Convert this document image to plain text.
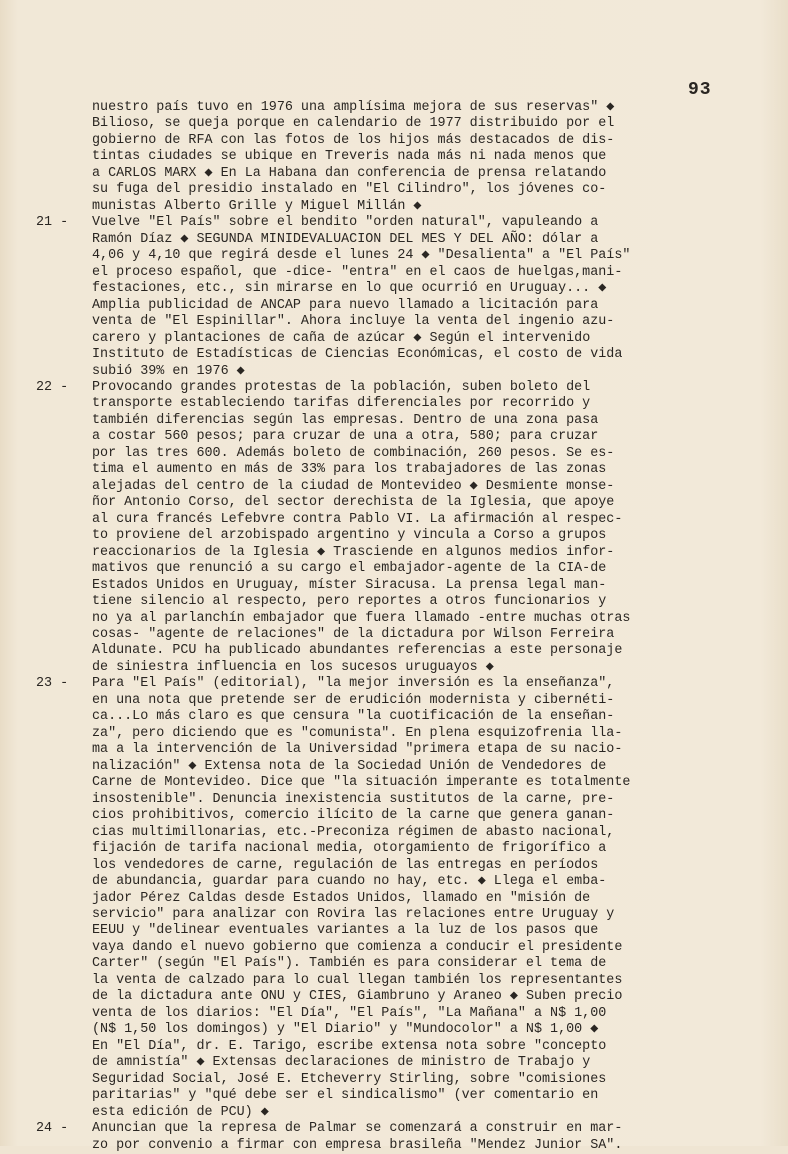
93
nuestro país tuvo en 1976 una amplísima mejora de sus reservas" ◆
Bilioso, se queja porque en calendario de 1977 distribuido por el
gobierno de RFA con las fotos de los hijos más destacados de dis-
tintas ciudades se ubique en Treveris nada más ni nada menos que
a CARLOS MARX ◆ En La Habana dan conferencia de prensa relatando
su fuga del presidio instalado en "El Cilindro", los jóvenes co-
munistas Alberto Grille y Miguel Millán ◆
21 - Vuelve "El País" sobre el bendito "orden natural", vapuleando a
Ramón Díaz ◆ SEGUNDA MINIDEVALUACION DEL MES Y DEL AÑO: dólar a
4,06 y 4,10 que regirá desde el lunes 24 ◆ "Desalienta" a "El País"
el proceso español, que -dice- "entra" en el caos de huelgas,mani-
festaciones, etc., sin mirarse en lo que ocurrió en Uruguay... ◆
Amplia publicidad de ANCAP para nuevo llamado a licitación para
venta de "El Espinillar". Ahora incluye la venta del ingenio azu-
carero y plantaciones de caña de azúcar ◆ Según el intervenido
Instituto de Estadísticas de Ciencias Económicas, el costo de vida
subió 39% en 1976 ◆
22 - Provocando grandes protestas de la población, suben boleto del
transporte estableciendo tarifas diferenciales por recorrido y
también diferencias según las empresas. Dentro de una zona pasa
a costar 560 pesos; para cruzar de una a otra, 580; para cruzar
por las tres 600. Además boleto de combinación, 260 pesos. Se es-
tima el aumento en más de 33% para los trabajadores de las zonas
alejadas del centro de la ciudad de Montevideo ◆ Desmiente monse-
ñor Antonio Corso, del sector derechista de la Iglesia, que apoye
al cura francés Lefebvre contra Pablo VI. La afirmación al respec-
to proviene del arzobispado argentino y vincula a Corso a grupos
reaccionarios de la Iglesia ◆ Trasciende en algunos medios infor-
mativos que renunció a su cargo el embajador-agente de la CIA-de
Estados Unidos en Uruguay, míster Siracusa. La prensa legal man-
tiene silencio al respecto, pero reportes a otros funcionarios y
no ya al parlanchín embajador que fuera llamado -entre muchas otras
cosas- "agente de relaciones" de la dictadura por Wilson Ferreira
Aldunate. PCU ha publicado abundantes referencias a este personaje
de siniestra influencia en los sucesos uruguayos ◆
23 - Para "El País" (editorial), "la mejor inversión es la enseñanza",
en una nota que pretende ser de erudición modernista y cibernéti-
ca...Lo más claro es que censura "la cuotificación de la enseñan-
za", pero diciendo que es "comunista". En plena esquizofrenia lla-
ma a la intervención de la Universidad "primera etapa de su nacio-
nalización" ◆ Extensa nota de la Sociedad Unión de Vendedores de
Carne de Montevideo. Dice que "la situación imperante es totalmente
insostenible". Denuncia inexistencia sustitutos de la carne, pre-
cios prohibitivos, comercio ilícito de la carne que genera ganan-
cias multimillonarias, etc.-Preconiza régimen de abasto nacional,
fijación de tarifa nacional media, otorgamiento de frigorífico a
los vendedores de carne, regulación de las entregas en períodos
de abundancia, guardar para cuando no hay, etc. ◆ Llega el emba-
jador Pérez Caldas desde Estados Unidos, llamado en "misión de
servicio" para analizar con Rovira las relaciones entre Uruguay y
EEUU y "delinear eventuales variantes a la luz de los pasos que
vaya dando el nuevo gobierno que comienza a conducir el presidente
Carter" (según "El País"). También es para considerar el tema de
la venta de calzado para lo cual llegan también los representantes
de la dictadura ante ONU y CIES, Giambruno y Araneo ◆ Suben precio
venta de los diarios: "El Día", "El País", "La Mañana" a N$ 1,00
(N$ 1,50 los domingos) y "El Diario" y "Mundocolor" a N$ 1,00 ◆
En "El Día", dr. E. Tarigo, escribe extensa nota sobre "concepto
de amnistía" ◆ Extensas declaraciones de ministro de Trabajo y
Seguridad Social, José E. Etcheverry Stirling, sobre "comisiones
paritarias" y "qué debe ser el sindicalismo" (ver comentario en
esta edición de PCU) ◆
24 - Anuncian que la represa de Palmar se comenzará a construir en mar-
zo por convenio a firmar con empresa brasileña "Mendez Junior SA".
